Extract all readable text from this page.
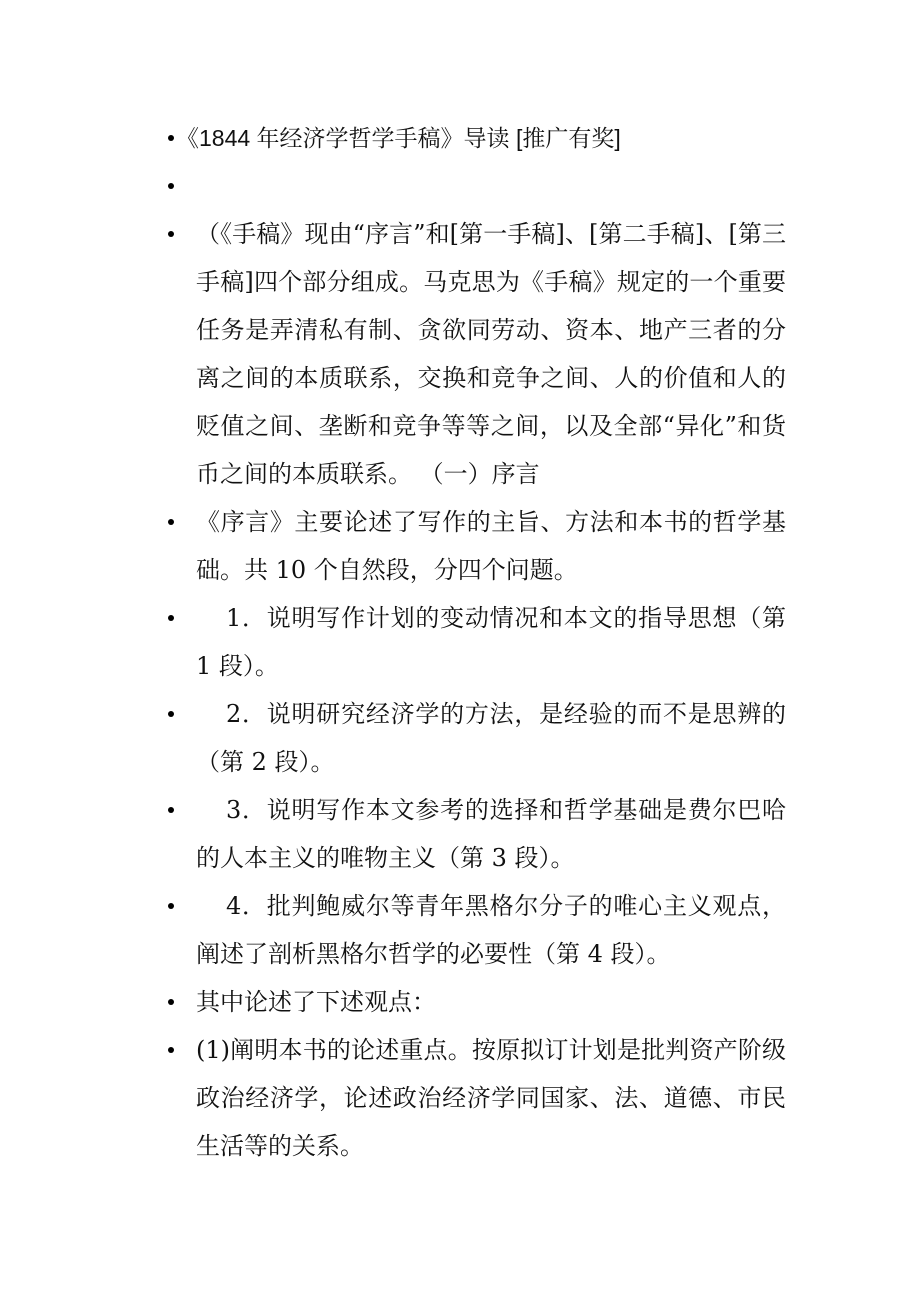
《1844 年经济学哲学手稿》导读 [推广有奖]
（《手稿》现由“序言”和[第一手稿]、[第二手稿]、[第三手稿]四个部分组成。马克思为《手稿》规定的一个重要任务是弄清私有制、贪欲同劳动、资本、地产三者的分离之间的本质联系，交换和竞争之间、人的价值和人的贬值之间、垄断和竞争等等之间，以及全部“异化”和货币之间的本质联系。 （一）序言
《序言》主要论述了写作的主旨、方法和本书的哲学基础。共 10 个自然段，分四个问题。
1．说明写作计划的变动情况和本文的指导思想（第 1 段）。
2．说明研究经济学的方法，是经验的而不是思辨的（第 2 段）。
3．说明写作本文参考的选择和哲学基础是费尔巴哈的人本主义的唯物主义（第 3 段）。
4．批判鲍威尔等青年黑格尔分子的唯心主义观点，阐述了剖析黑格尔哲学的必要性（第 4 段）。
其中论述了下述观点：
(1)阐明本书的论述重点。按原拟订计划是批判资产阶级政治经济学，论述政治经济学同国家、法、道德、市民生活等的关系。
